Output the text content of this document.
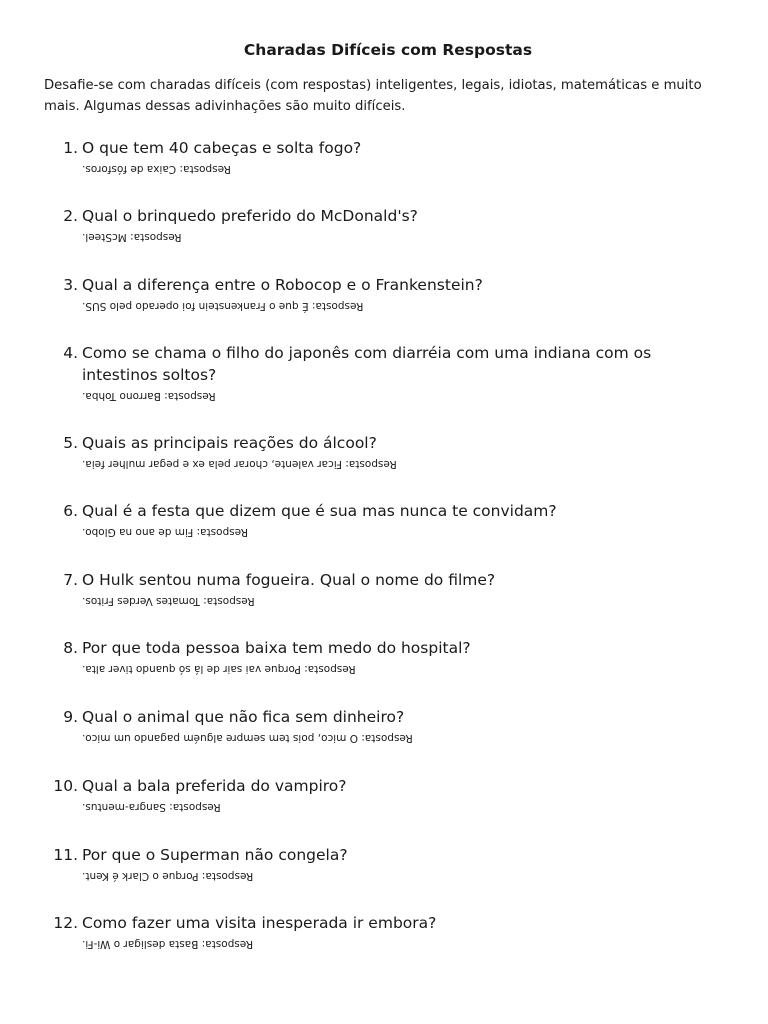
Charadas Difíceis com Respostas

Desafie-se com charadas difíceis (com respostas) inteligentes, legais, idiotas, matemáticas e muito mais. Algumas dessas adivinhações são muito difíceis.

1. O que tem 40 cabeças e solta fogo?
Resposta: Caixa de fósforos.
2. Qual o brinquedo preferido do McDonald's?
Resposta: McSteel.
3. Qual a diferença entre o Robocop e o Frankenstein?
Resposta: É que o Frankenstein foi operado pelo SUS.
4. Como se chama o filho do japonês com diarréia com uma indiana com os intestinos soltos?
Resposta: Barrono Tohba.
5. Quais as principais reações do álcool?
Resposta: Ficar valente, chorar pela ex e pegar mulher feia.
6. Qual é a festa que dizem que é sua mas nunca te convidam?
Resposta: Fim de ano na Globo.
7. O Hulk sentou numa fogueira. Qual o nome do filme?
Resposta: Tomates Verdes Fritos.
8. Por que toda pessoa baixa tem medo do hospital?
Resposta: Porque vai sair de lá só quando tiver alta.
9. Qual o animal que não fica sem dinheiro?
Resposta: O mico, pois tem sempre alguém pagando um mico.
10. Qual a bala preferida do vampiro?
Resposta: Sangra-mentus.
11. Por que o Superman não congela?
Resposta: Porque o Clark é Kent.
12. Como fazer uma visita inesperada ir embora?
Resposta: Basta desligar o Wi-Fi.
